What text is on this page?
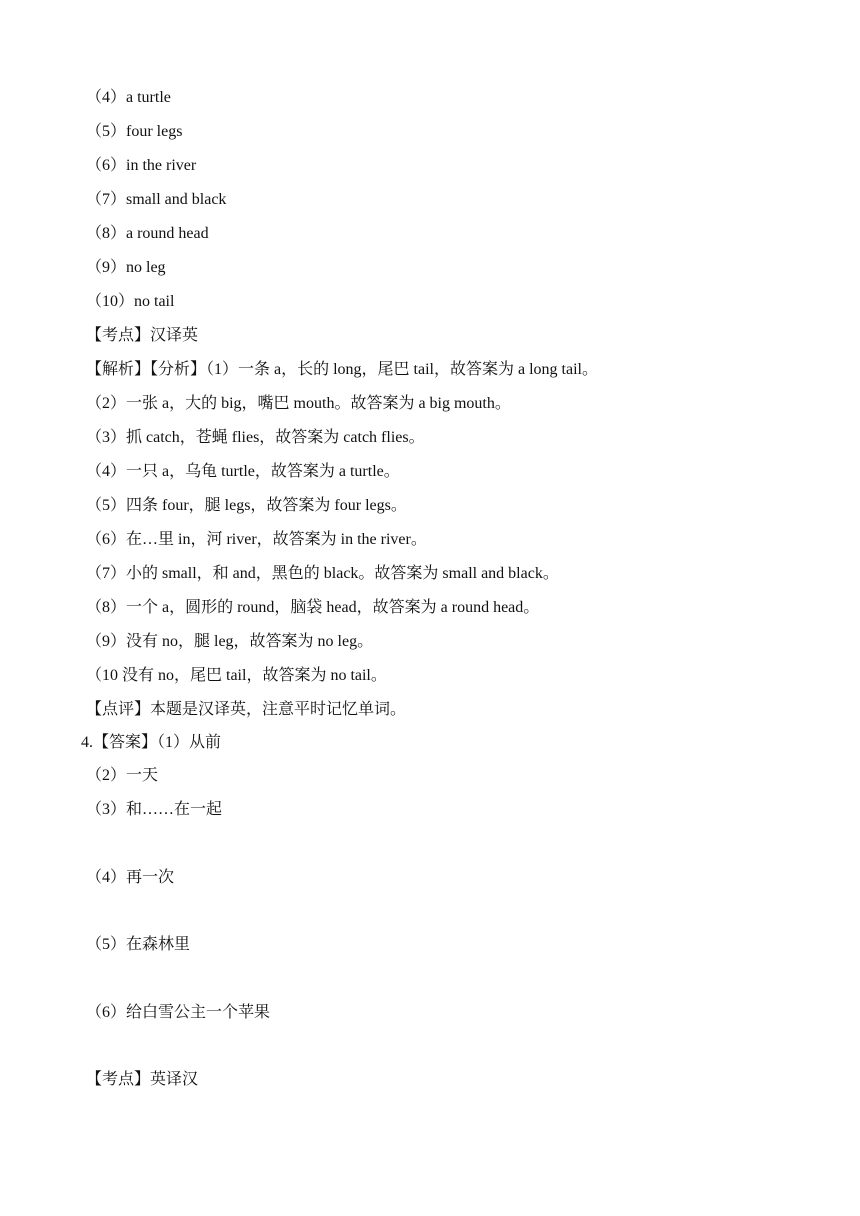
（4）a turtle
（5）four legs
（6）in the river
（7）small and black
（8）a round head
（9）no leg
（10）no tail
【考点】汉译英
【解析】【分析】（1）一条 a，长的 long，尾巴 tail，故答案为 a long tail。
（2）一张 a，大的 big，嘴巴 mouth。故答案为 a big mouth。
（3）抓 catch，苍蝇 flies，故答案为 catch flies。
（4）一只 a，乌龟 turtle，故答案为 a turtle。
（5）四条 four，腿 legs，故答案为 four legs。
（6）在…里 in，河 river，故答案为 in the river。
（7）小的 small，和 and，黑色的 black。故答案为 small and black。
（8）一个 a，圆形的 round，脑袋 head，故答案为 a round head。
（9）没有 no，腿 leg，故答案为 no leg。
（10 没有 no，尾巴 tail，故答案为 no tail。
【点评】本题是汉译英，注意平时记忆单词。
4.【答案】（1）从前
（2）一天
（3）和……在一起
（4）再一次
（5）在森林里
（6）给白雪公主一个苹果
【考点】英译汉
